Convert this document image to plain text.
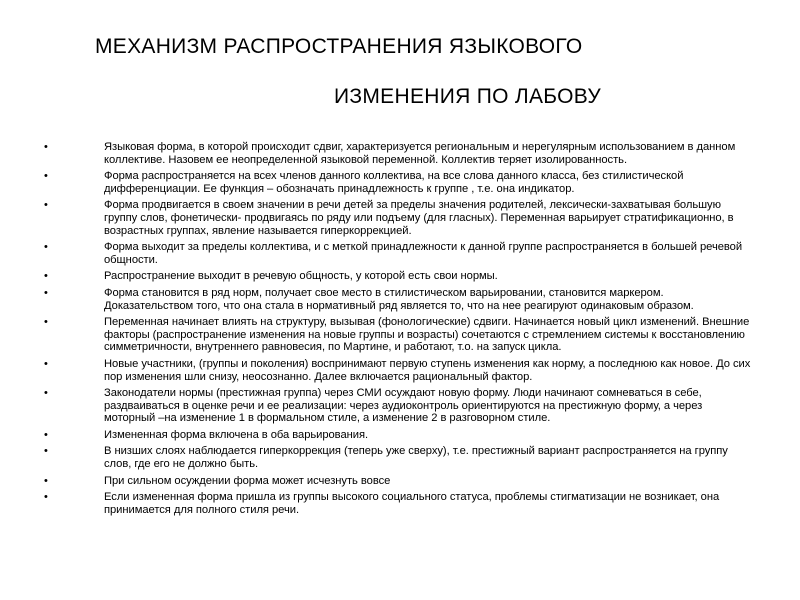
МЕХАНИЗМ РАСПРОСТРАНЕНИЯ ЯЗЫКОВОГО
ИЗМЕНЕНИЯ ПО ЛАБОВУ
•	Языковая форма, в которой происходит сдвиг, характеризуется региональным и нерегулярным использованием в данном коллективе. Назовем ее неопределенной языковой переменной. Коллектив теряет изолированность.
•	Форма распространяется на всех членов данного коллектива, на все слова данного класса, без стилистической дифференциации. Ее функция – обозначать принадлежность к группе , т.е. она индикатор.
•	Форма продвигается в своем значении в речи детей за пределы значения родителей, лексически-захватывая большую группу слов, фонетически- продвигаясь по ряду или подъему (для гласных). Переменная варьирует стратификационно, в возрастных группах, явление называется гиперкоррекцией.
•	Форма выходит за пределы коллектива, и с меткой принадлежности к данной группе распространяется в большей речевой общности.
•	Распространение выходит в речевую общность, у которой есть свои нормы.
•	Форма становится в ряд норм, получает свое место в стилистическом варьировании, становится маркером. Доказательством того, что она стала в нормативный ряд является то, что на нее реагируют одинаковым образом.
•	Переменная начинает влиять на структуру, вызывая (фонологические) сдвиги. Начинается новый цикл изменений. Внешние факторы (распространение изменения на новые группы и возрасты) сочетаются с стремлением системы к восстановлению симметричности, внутреннего равновесия, по Мартине, и работают, т.о. на запуск цикла.
•	Новые участники, (группы и поколения) воспринимают первую ступень изменения как норму, а последнюю как новое. До сих пор изменения шли снизу, неосознанно. Далее включается рациональный фактор.
•	Законодатели нормы (престижная группа) через СМИ осуждают новую форму. Люди начинают сомневаться в себе, раздваиваться в оценке речи и ее реализации: через аудиоконтроль ориентируются на престижную форму, а через моторный –на изменение 1 в формальном стиле, а изменение 2 в разговорном стиле.
•	Измененная форма включена в оба варьирования.
•	В низших слоях наблюдается гиперкоррекция (теперь уже сверху), т.е. престижный вариант распространяется на группу слов, где его не должно быть.
•	При сильном осуждении форма может исчезнуть вовсе
•	Если измененная форма пришла из группы высокого социального статуса, проблемы стигматизации не возникает, она принимается для полного стиля речи.
